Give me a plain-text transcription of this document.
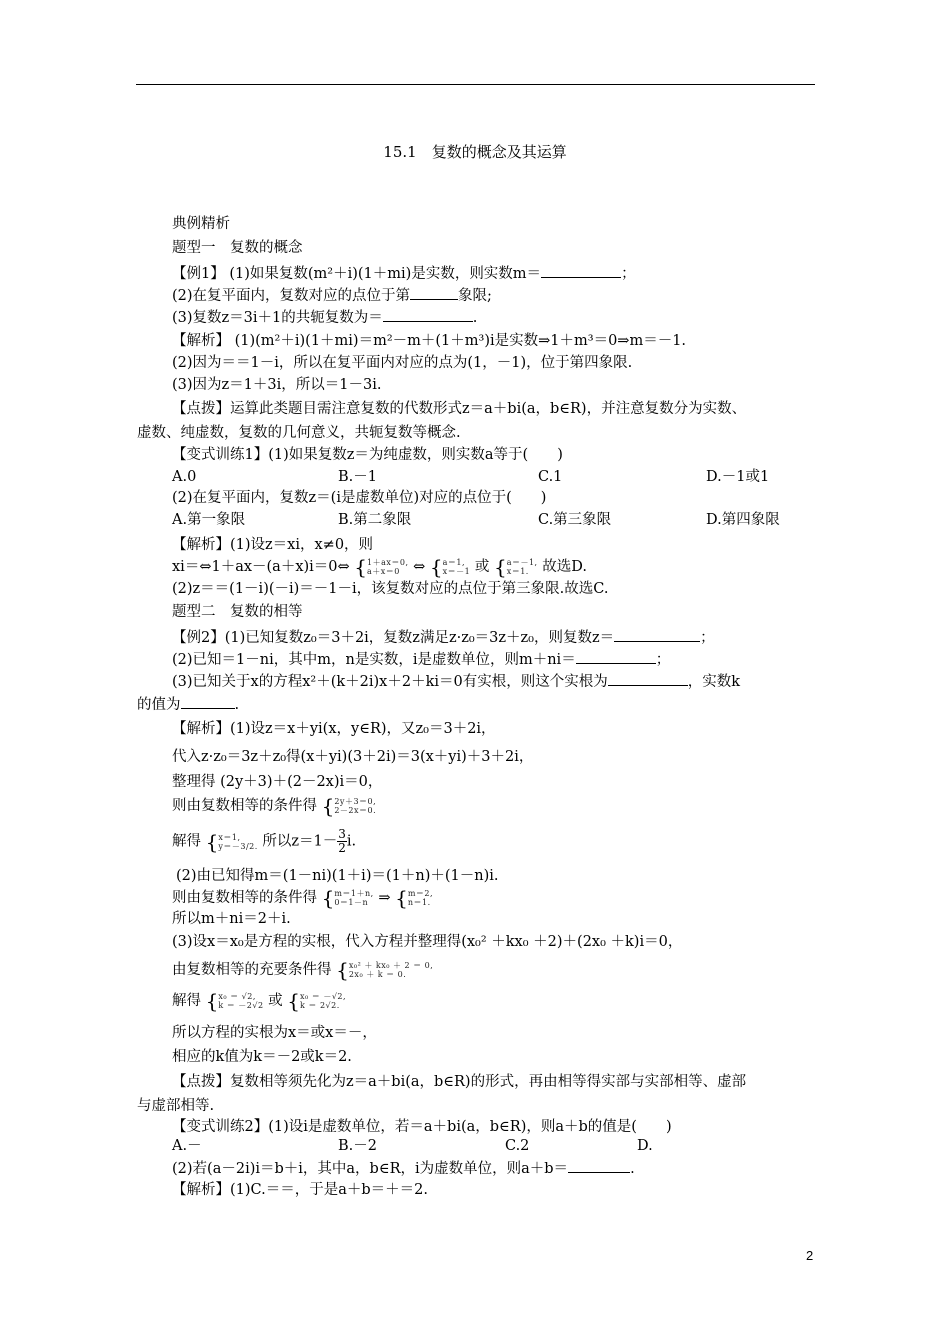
15.1　复数的概念及其运算
典例精析
题型一　复数的概念
【例1】 (1)如果复数(m²＋i)(1＋mi)是实数，则实数m＝	；
(2)在复平面内，复数对应的点位于第	象限;
(3)复数z＝3i＋1的共轭复数为＝	.
【解析】 (1)(m²＋i)(1＋mi)＝m²－m＋(1＋m³)i是实数⇒1＋m³＝0⇒m＝－1.
(2)因为＝＝1－i，所以在复平面内对应的点为(1，－1)，位于第四象限.
(3)因为z＝1＋3i，所以＝1－3i.
【点拨】运算此类题目需注意复数的代数形式z＝a＋bi(a，b∈R)，并注意复数分为实数、
虚数、纯虚数，复数的几何意义，共轭复数等概念.
【变式训练1】(1)如果复数z＝为纯虚数，则实数a等于(　　)
A.0	B.－1	C.1	D.－1或1
(2)在复平面内，复数z＝(i是虚数单位)对应的点位于(　　)
A.第一象限	B.第二象限	C.第三象限	D.第四象限
【解析】(1)设z＝xi，x≠0，则
xi＝⇔1＋ax－(a＋x)i＝0⇔ {1＋ax＝0,
a＋x＝0 ⇔ {a＝1,
x＝－1 或 {a＝－1,
x＝1. 故选D.
(2)z＝＝(1－i)(－i)＝－1－i，该复数对应的点位于第三象限.故选C.
题型二　复数的相等
【例2】(1)已知复数z₀＝3＋2i，复数z满足z·z₀＝3z＋z₀，则复数z＝	；
(2)已知＝1－ni，其中m，n是实数，i是虚数单位，则m＋ni＝	；
(3)已知关于x的方程x²＋(k＋2i)x＋2＋ki＝0有实根，则这个实根为	，实数k
的值为	.
【解析】(1)设z＝x＋yi(x，y∈R)，又z₀＝3＋2i，
代入z·z₀＝3z＋z₀得(x＋yi)(3＋2i)＝3(x＋yi)＋3＋2i，
整理得 (2y＋3)＋(2－2x)i＝0，
则由复数相等的条件得 {2y＋3＝0,
2－2x＝0.
解得 {x＝1,
y＝－3/2. 所以$z=1- \frac{3}{2} i$.
(2)由已知得m＝(1－ni)(1＋i)＝(1＋n)＋(1－n)i.
则由复数相等的条件得 {m＝1＋n,
0＝1－n ⇒ {m＝2,
n＝1.
所以m＋ni＝2＋i.
(3)设x＝x₀是方程的实根，代入方程并整理得(x₀² ＋kx₀ ＋2)＋(2x₀ ＋k)i＝0，
由复数相等的充要条件得 {x₀² ＋ kx₀ ＋ 2 ＝ 0,
2x₀ ＋ k ＝ 0.
解得 {x₀ ＝ √2,
k ＝ －2√2 或 {x₀ ＝ －√2,
k ＝ 2√2.
所以方程的实根为x＝或x＝－，
相应的k值为k＝－2或k＝2.
【点拨】复数相等须先化为z＝a＋bi(a，b∈R)的形式，再由相等得实部与实部相等、虚部
与虚部相等.
【变式训练2】(1)设i是虚数单位，若＝a＋bi(a，b∈R)，则a＋b的值是(　　)
A.－	B.－2	C.2	D.
(2)若(a－2i)i＝b＋i，其中a，b∈R，i为虚数单位，则a＋b＝	.
【解析】(1)C.＝＝，于是a＋b＝＋＝2.
2
